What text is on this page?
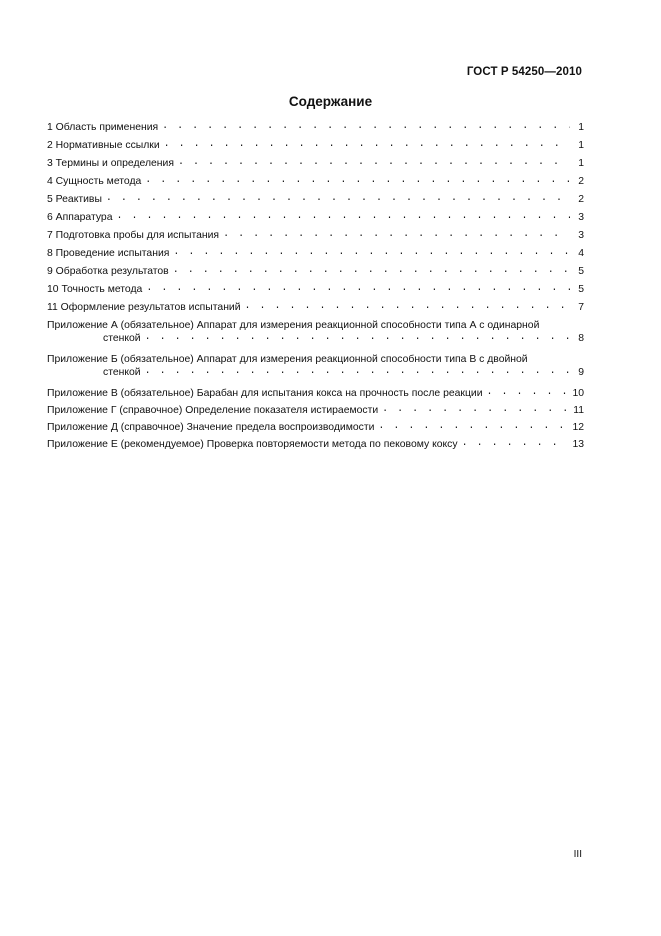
ГОСТ Р 54250—2010
Содержание
1 Область применения . . .	1
2 Нормативные ссылки . . .	1
3 Термины и определения . . .	1
4 Сущность метода . . .	2
5 Реактивы . . .	2
6 Аппаратура . . .	3
7 Подготовка пробы для испытания . . .	3
8 Проведение испытания . . .	4
9 Обработка результатов . . .	5
10 Точность метода . . .	5
11 Оформление результатов испытаний . . .	7
Приложение А (обязательное) Аппарат для измерения реакционной способности типа А с одинарной
стенкой . . .	8
Приложение Б (обязательное) Аппарат для измерения реакционной способности типа В с двойной
стенкой . . .	9
Приложение В (обязательное) Барабан для испытания кокса на прочность после реакции . . .	10
Приложение Г (справочное) Определение показателя истираемости . . .	11
Приложение Д (справочное) Значение предела воспроизводимости . . .	12
Приложение Е (рекомендуемое) Проверка повторяемости метода по пековому коксу . . .	13
III
